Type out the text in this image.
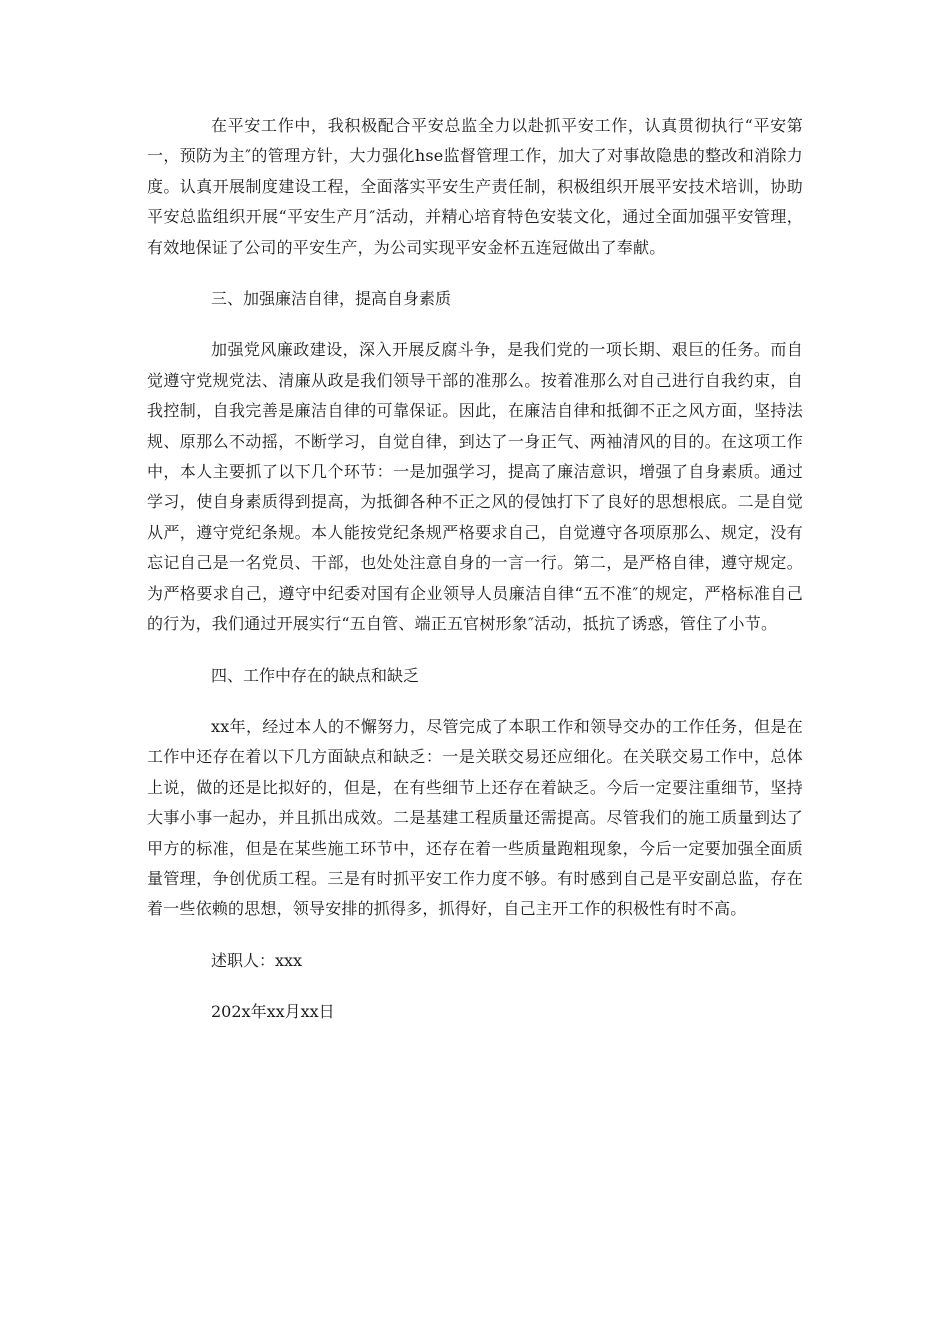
在平安工作中，我积极配合平安总监全力以赴抓平安工作，认真贯彻执行“平安第一，预防为主″的管理方针，大力强化hse监督管理工作，加大了对事故隐患的整改和消除力度。认真开展制度建设工程，全面落实平安生产责任制，积极组织开展平安技术培训，协助平安总监组织开展“平安生产月″活动，并精心培育特色安装文化，通过全面加强平安管理，有效地保证了公司的平安生产，为公司实现平安金杯五连冠做出了奉献。

三、加强廉洁自律，提高自身素质

加强党风廉政建设，深入开展反腐斗争，是我们党的一项长期、艰巨的任务。而自觉遵守党规党法、清廉从政是我们领导干部的准那么。按着准那么对自己进行自我约束，自我控制，自我完善是廉洁自律的可靠保证。因此，在廉洁自律和抵御不正之风方面，坚持法规、原那么不动摇，不断学习，自觉自律，到达了一身正气、两袖清风的目的。在这项工作中，本人主要抓了以下几个环节：一是加强学习，提高了廉洁意识，增强了自身素质。通过学习，使自身素质得到提高，为抵御各种不正之风的侵蚀打下了良好的思想根底。二是自觉从严，遵守党纪条规。本人能按党纪条规严格要求自己，自觉遵守各项原那么、规定，没有忘记自己是一名党员、干部，也处处注意自身的一言一行。第二，是严格自律，遵守规定。为严格要求自己，遵守中纪委对国有企业领导人员廉洁自律“五不准″的规定，严格标准自己的行为，我们通过开展实行“五自管、端正五官树形象″活动，抵抗了诱惑，管住了小节。

四、工作中存在的缺点和缺乏

xx年，经过本人的不懈努力，尽管完成了本职工作和领导交办的工作任务，但是在工作中还存在着以下几方面缺点和缺乏：一是关联交易还应细化。在关联交易工作中，总体上说，做的还是比拟好的，但是，在有些细节上还存在着缺乏。今后一定要注重细节，坚持大事小事一起办，并且抓出成效。二是基建工程质量还需提高。尽管我们的施工质量到达了甲方的标准，但是在某些施工环节中，还存在着一些质量跑粗现象，今后一定要加强全面质量管理，争创优质工程。三是有时抓平安工作力度不够。有时感到自己是平安副总监，存在着一些依赖的思想，领导安排的抓得多，抓得好，自己主开工作的积极性有时不高。

述职人：xxx

202x年xx月xx日
